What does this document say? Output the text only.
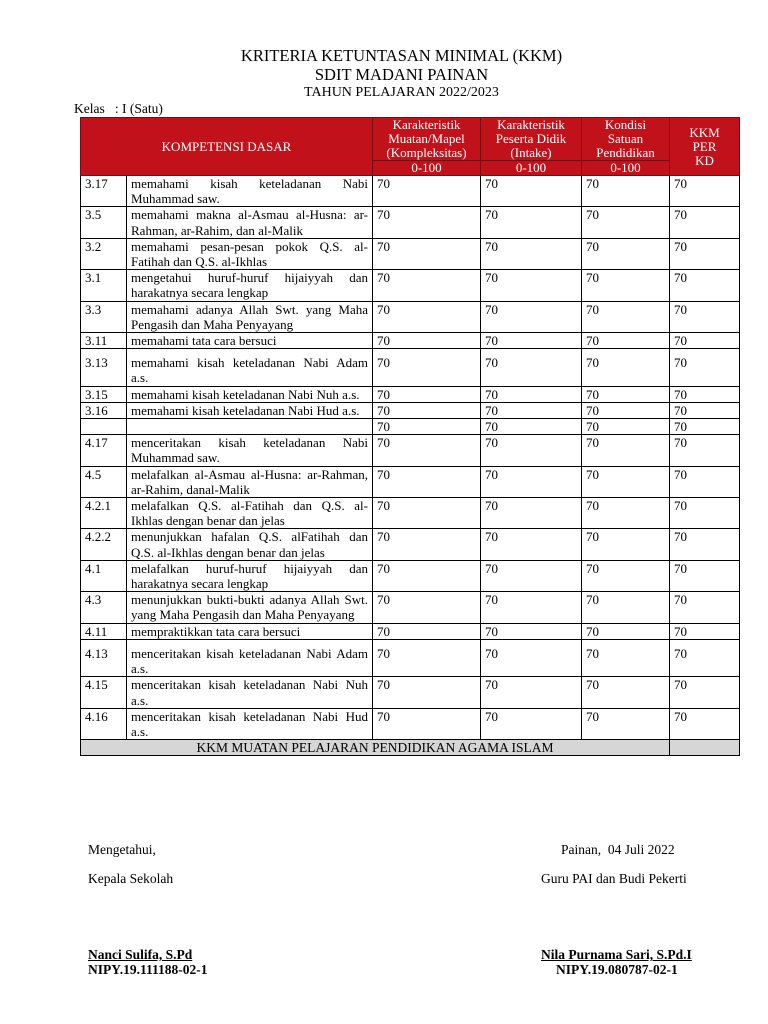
KRITERIA KETUNTASAN MINIMAL (KKM)
SDIT MADANI PAINAN
TAHUN PELAJARAN 2022/2023
Kelas : I (Satu)
KOMPETENSI DASAR		Karakteristik
Muatan/Mapel
(Kompleksitas)	Karakteristik
Peserta Didik
(Intake)	Kondisi
Satuan
Pendidikan	KKM
PER
KD
		0-100	0-100	0-100	
3.17	memahami kisah keteladanan Nabi Muhammad saw.	70	70	70	70
3.5	memahami makna al-Asmau al-Husna: ar-Rahman, ar-Rahim, dan al-Malik	70	70	70	70
3.2	memahami pesan-pesan pokok Q.S. al-Fatihah dan Q.S. al-Ikhlas	70	70	70	70
3.1	mengetahui huruf-huruf hijaiyyah dan harakatnya secara lengkap	70	70	70	70
3.3	memahami adanya Allah Swt. yang Maha Pengasih dan Maha Penyayang	70	70	70	70
3.11	memahami tata cara bersuci	70	70	70	70
3.13	memahami kisah keteladanan Nabi Adam a.s.	70	70	70	70
3.15	memahami kisah keteladanan Nabi Nuh a.s.	70	70	70	70
3.16	memahami kisah keteladanan Nabi Hud a.s.	70	70	70	70
		70	70	70	70
4.17	menceritakan kisah keteladanan Nabi Muhammad saw.	70	70	70	70
4.5	melafalkan al-Asmau al-Husna: ar-Rahman, ar-Rahim, danal-Malik	70	70	70	70
4.2.1	melafalkan Q.S. al-Fatihah dan Q.S. al-Ikhlas dengan benar dan jelas	70	70	70	70
4.2.2	menunjukkan hafalan Q.S. alFatihah dan Q.S. al-Ikhlas dengan benar dan jelas	70	70	70	70
4.1	melafalkan huruf-huruf hijaiyyah dan harakatnya secara lengkap	70	70	70	70
4.3	menunjukkan bukti-bukti adanya Allah Swt. yang Maha Pengasih dan Maha Penyayang	70	70	70	70
4.11	mempraktikkan tata cara bersuci	70	70	70	70
4.13	menceritakan kisah keteladanan Nabi Adam a.s.	70	70	70	70
4.15	menceritakan kisah keteladanan Nabi Nuh a.s.	70	70	70	70
4.16	menceritakan kisah keteladanan Nabi Hud a.s.	70	70	70	70
KKM MUATAN PELAJARAN PENDIDIKAN AGAMA ISLAM					
Mengetahui,	Painan,  04 Juli 2022
Kepala Sekolah	Guru PAI dan Budi Pekerti
Nanci Sulifa, S.Pd
NIPY.19.111188-02-1
Nila Purnama Sari, S.Pd.I
NIPY.19.080787-02-1
